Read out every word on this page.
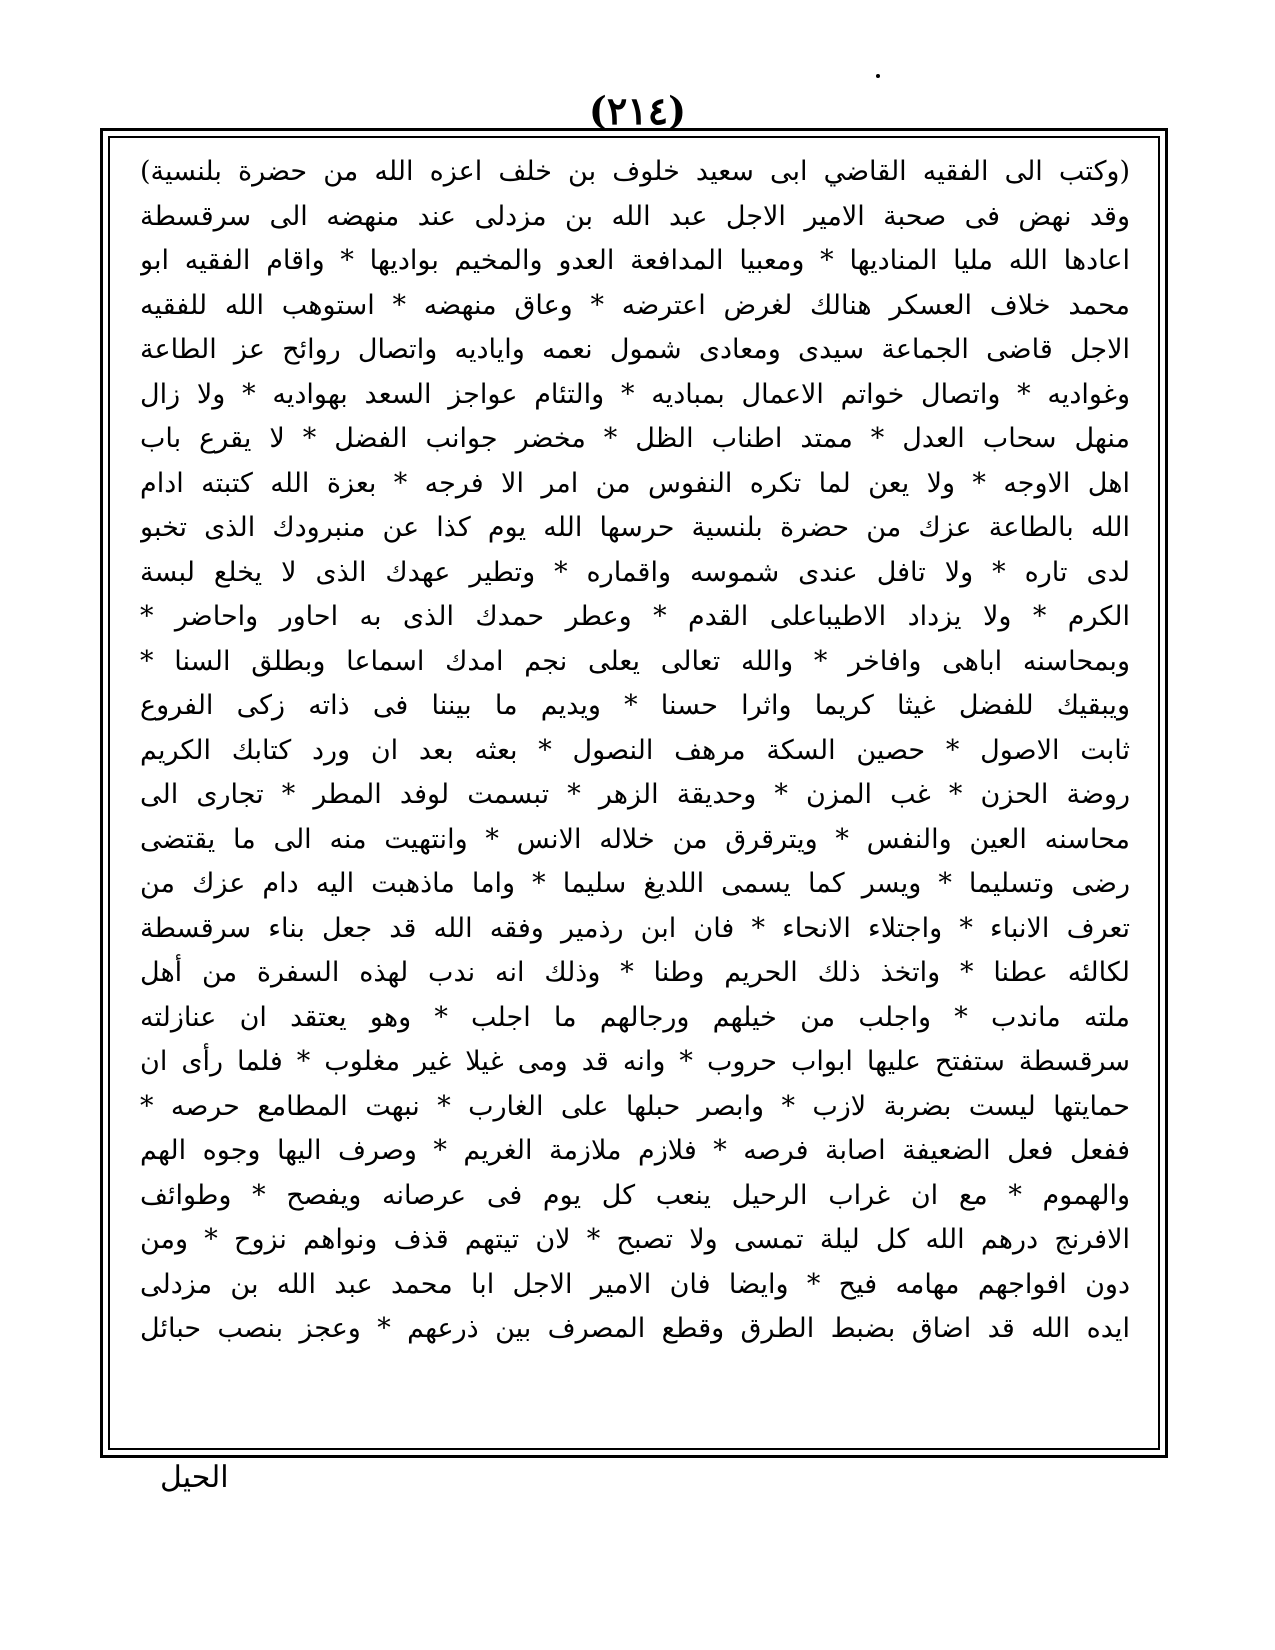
(٢١٤)
(وكتب الى الفقيه القاضي ابى سعيد خلوف بن خلف اعزه الله من حضرة بلنسية)
وقد نهض فى صحبة الامير الاجل عبد الله بن مزدلى عند منهضه الى سرقسطة
اعادها الله مليا المناديها * ومعبيا المدافعة العدو والمخيم بواديها * واقام الفقيه ابو
محمد خلاف العسكر هنالك لغرض اعترضه * وعاق منهضه * استوهب الله للفقيه
الاجل قاضى الجماعة سيدى ومعادى شمول نعمه واياديه واتصال روائح عز الطاعة
وغواديه * واتصال خواتم الاعمال بمباديه * والتئام عواجز السعد بهواديه * ولا زال
منهل سحاب العدل * ممتد اطناب الظل * مخضر جوانب الفضل * لا يقرع باب
اهل الاوجه * ولا يعن لما تكره النفوس من امر الا فرجه * بعزة الله كتبته ادام
الله بالطاعة عزك من حضرة بلنسية حرسها الله يوم كذا عن منبرودك الذى تخبو
لدى تاره * ولا تافل عندى شموسه واقماره * وتطير عهدك الذى لا يخلع لبسة
الكرم * ولا يزداد الاطيباعلى القدم * وعطر حمدك الذى به احاور واحاضر *
وبمحاسنه اباهى وافاخر * والله تعالى يعلى نجم امدك اسماعا وبطلق السنا *
ويبقيك للفضل غيثا كريما واثرا حسنا * ويديم ما بيننا فى ذاته زكى الفروع
ثابت الاصول * حصين السكة مرهف النصول * بعثه بعد ان ورد كتابك الكريم
روضة الحزن * غب المزن * وحديقة الزهر * تبسمت لوفد المطر * تجارى الى
محاسنه العين والنفس * ويترقرق من خلاله الانس * وانتهيت منه الى ما يقتضى
رضى وتسليما * ويسر كما يسمى اللديغ سليما * واما ماذهبت اليه دام عزك من
تعرف الانباء * واجتلاء الانحاء * فان ابن رذمير وفقه الله قد جعل بناء سرقسطة
لكالئه عطنا * واتخذ ذلك الحريم وطنا * وذلك انه ندب لهذه السفرة من أهل
ملته ماندب * واجلب من خيلهم ورجالهم ما اجلب * وهو يعتقد ان عنازلته
سرقسطة ستفتح عليها ابواب حروب * وانه قد ومى غيلا غير مغلوب * فلما رأى ان
حمايتها ليست بضربة لازب * وابصر حبلها على الغارب * نبهت المطامع حرصه *
ففعل فعل الضعيفة اصابة فرصه * فلازم ملازمة الغريم * وصرف اليها وجوه الهم
والهموم * مع ان غراب الرحيل ينعب كل يوم فى عرصانه ويفصح * وطوائف
الافرنج درهم الله كل ليلة تمسى ولا تصبح * لان تيتهم قذف ونواهم نزوح * ومن
دون افواجهم مهامه فيح * وايضا فان الامير الاجل ابا محمد عبد الله بن مزدلى
ايده الله قد اضاق بضبط الطرق وقطع المصرف بين ذرعهم * وعجز بنصب حبائل
الحيل
